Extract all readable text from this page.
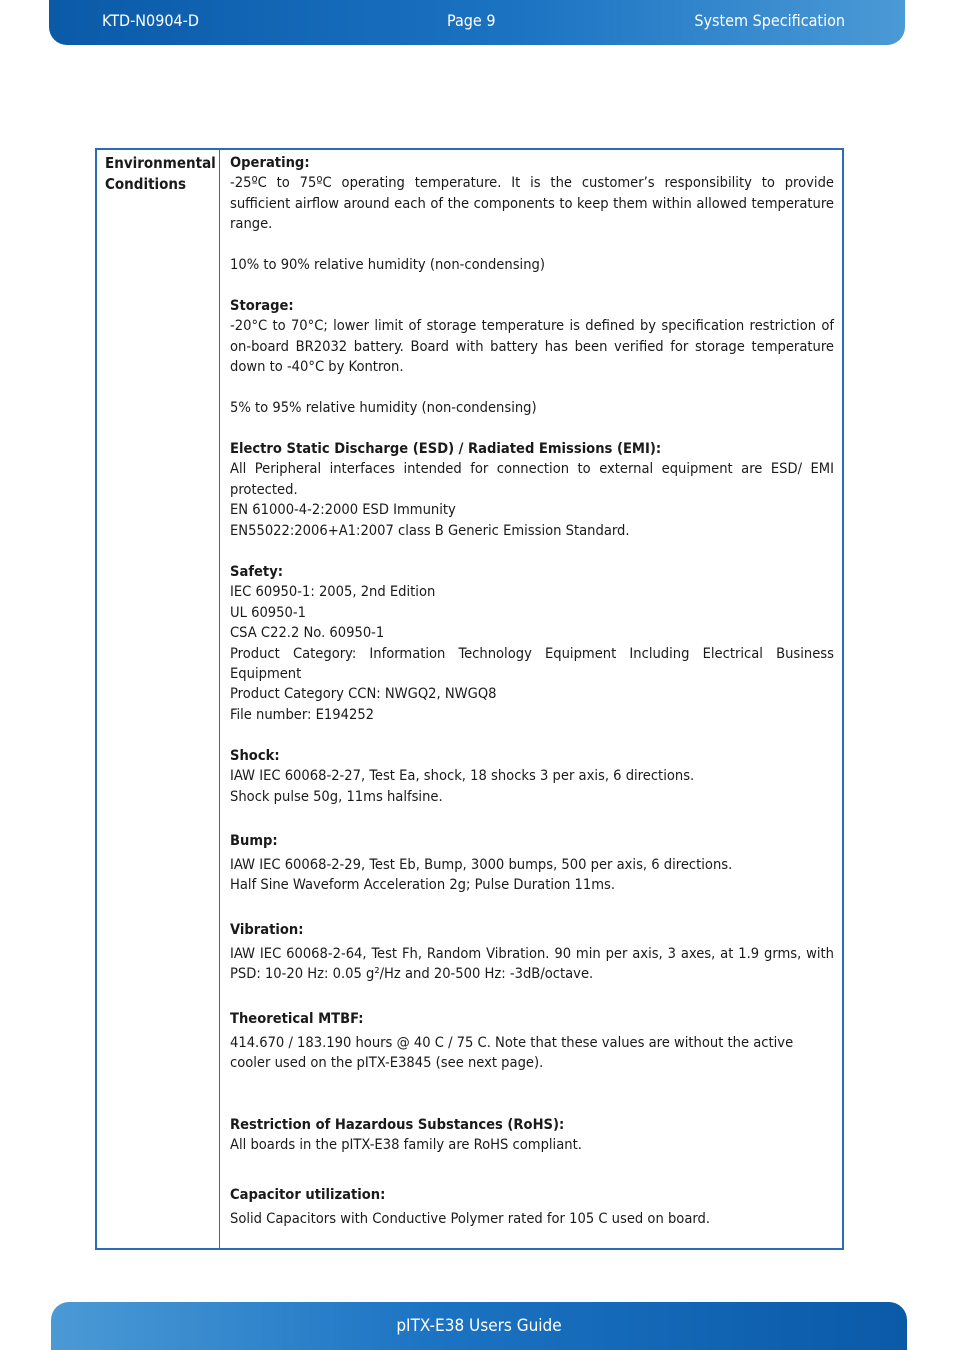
KTD-N0904-D	Page 9	System Specification
Environmental Conditions
Operating:
-25ºC to 75ºC operating temperature. It is the customer’s responsibility to provide sufficient airflow around each of the components to keep them within allowed temperature range.
10% to 90% relative humidity (non-condensing)
Storage:
-20°C to 70°C; lower limit of storage temperature is defined by specification restriction of on-board BR2032 battery. Board with battery has been verified for storage temperature down to -40°C by Kontron.
5% to 95% relative humidity (non-condensing)
Electro Static Discharge (ESD) / Radiated Emissions (EMI):
All Peripheral interfaces intended for connection to external equipment are ESD/ EMI protected.
EN 61000-4-2:2000 ESD Immunity
EN55022:2006+A1:2007 class B Generic Emission Standard.
Safety:
IEC 60950-1: 2005, 2nd Edition
UL 60950-1
CSA C22.2 No. 60950-1
Product Category: Information Technology Equipment Including Electrical Business Equipment
Product Category CCN: NWGQ2, NWGQ8
File number: E194252
Shock:
IAW IEC 60068-2-27, Test Ea, shock, 18 shocks 3 per axis, 6 directions.
Shock pulse 50g, 11ms halfsine.
Bump:
IAW IEC 60068-2-29, Test Eb, Bump, 3000 bumps, 500 per axis, 6 directions.
Half Sine Waveform Acceleration 2g; Pulse Duration 11ms.
Vibration:
IAW IEC 60068-2-64, Test Fh, Random Vibration. 90 min per axis, 3 axes, at 1.9 grms, with PSD: 10-20 Hz: 0.05 g²/Hz and 20-500 Hz: -3dB/octave.
Theoretical MTBF:
414.670 / 183.190 hours @ 40 C / 75 C. Note that these values are without the active cooler used on the pITX-E3845 (see next page).
Restriction of Hazardous Substances (RoHS):
All boards in the pITX-E38 family are RoHS compliant.
Capacitor utilization:
Solid Capacitors with Conductive Polymer rated for 105 C used on board.
pITX-E38 Users Guide
